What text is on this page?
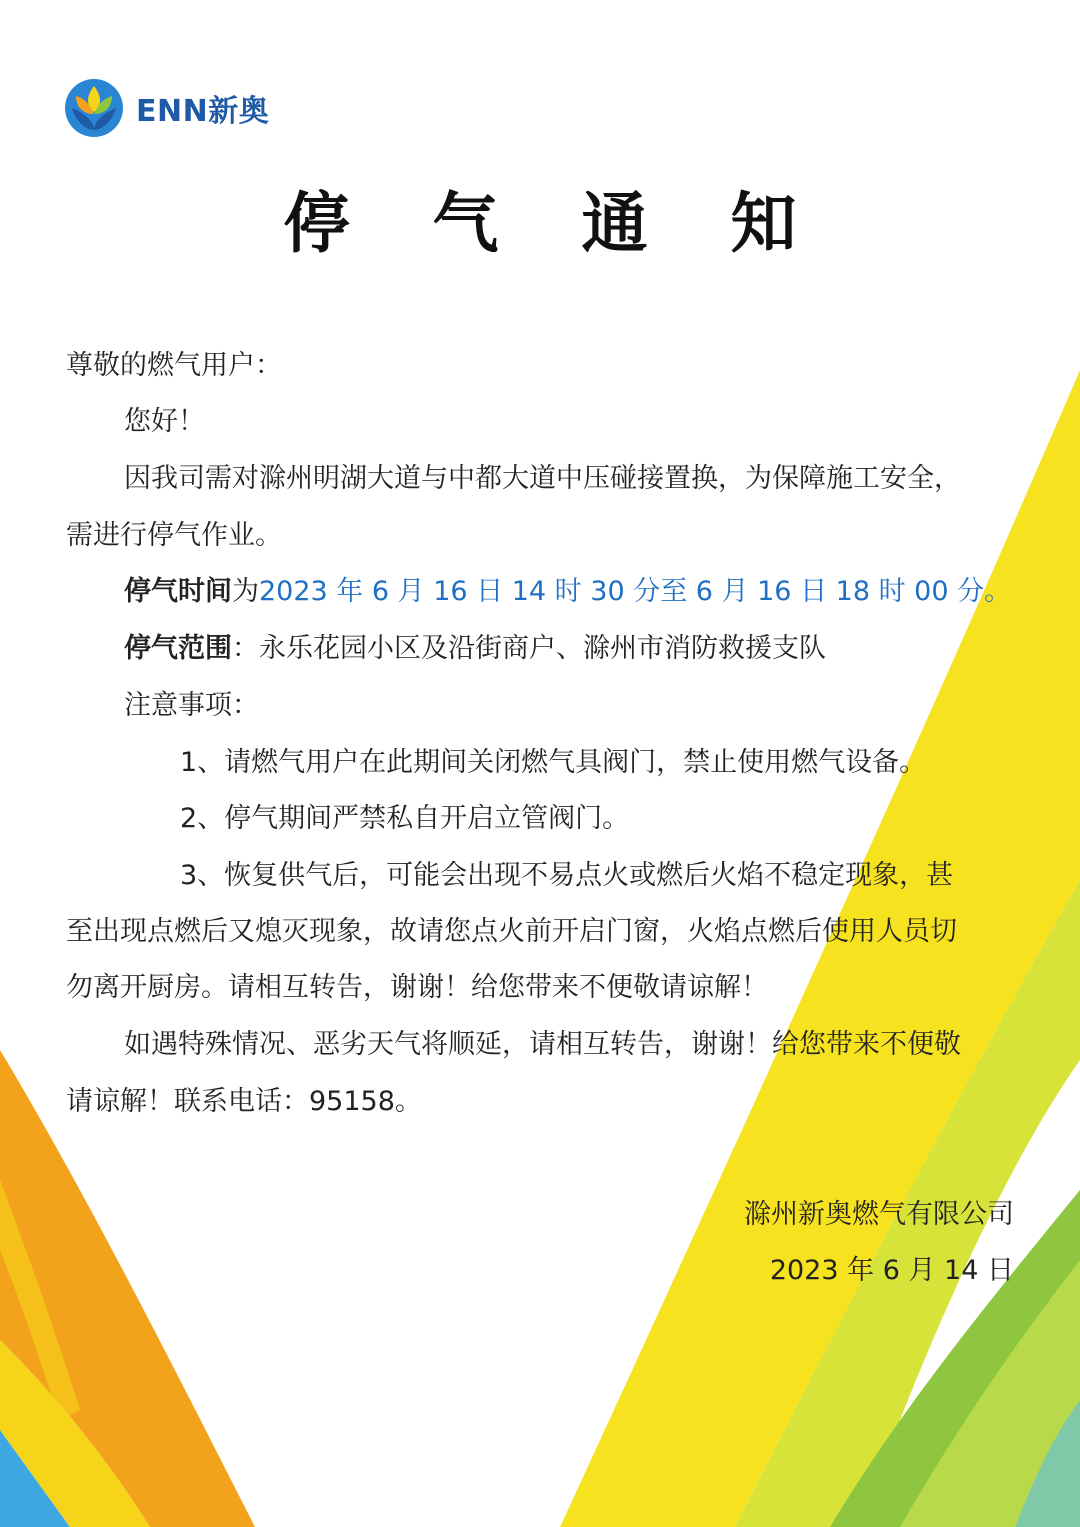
ENN新奥
停 气 通 知
尊敬的燃气用户：
您好！
因我司需对滁州明湖大道与中都大道中压碰接置换，为保障施工安全，
需进行停气作业。
停气时间为2023 年 6 月 16 日 14 时 30 分至 6 月 16 日 18 时 00 分。
停气范围：永乐花园小区及沿街商户、滁州市消防救援支队
注意事项：
1、请燃气用户在此期间关闭燃气具阀门，禁止使用燃气设备。
2、停气期间严禁私自开启立管阀门。
3、恢复供气后，可能会出现不易点火或燃后火焰不稳定现象，甚
至出现点燃后又熄灭现象，故请您点火前开启门窗，火焰点燃后使用人员切
勿离开厨房。请相互转告，谢谢！给您带来不便敬请谅解！
如遇特殊情况、恶劣天气将顺延，请相互转告，谢谢！给您带来不便敬
请谅解！联系电话：95158。
滁州新奥燃气有限公司
2023 年 6 月 14 日
